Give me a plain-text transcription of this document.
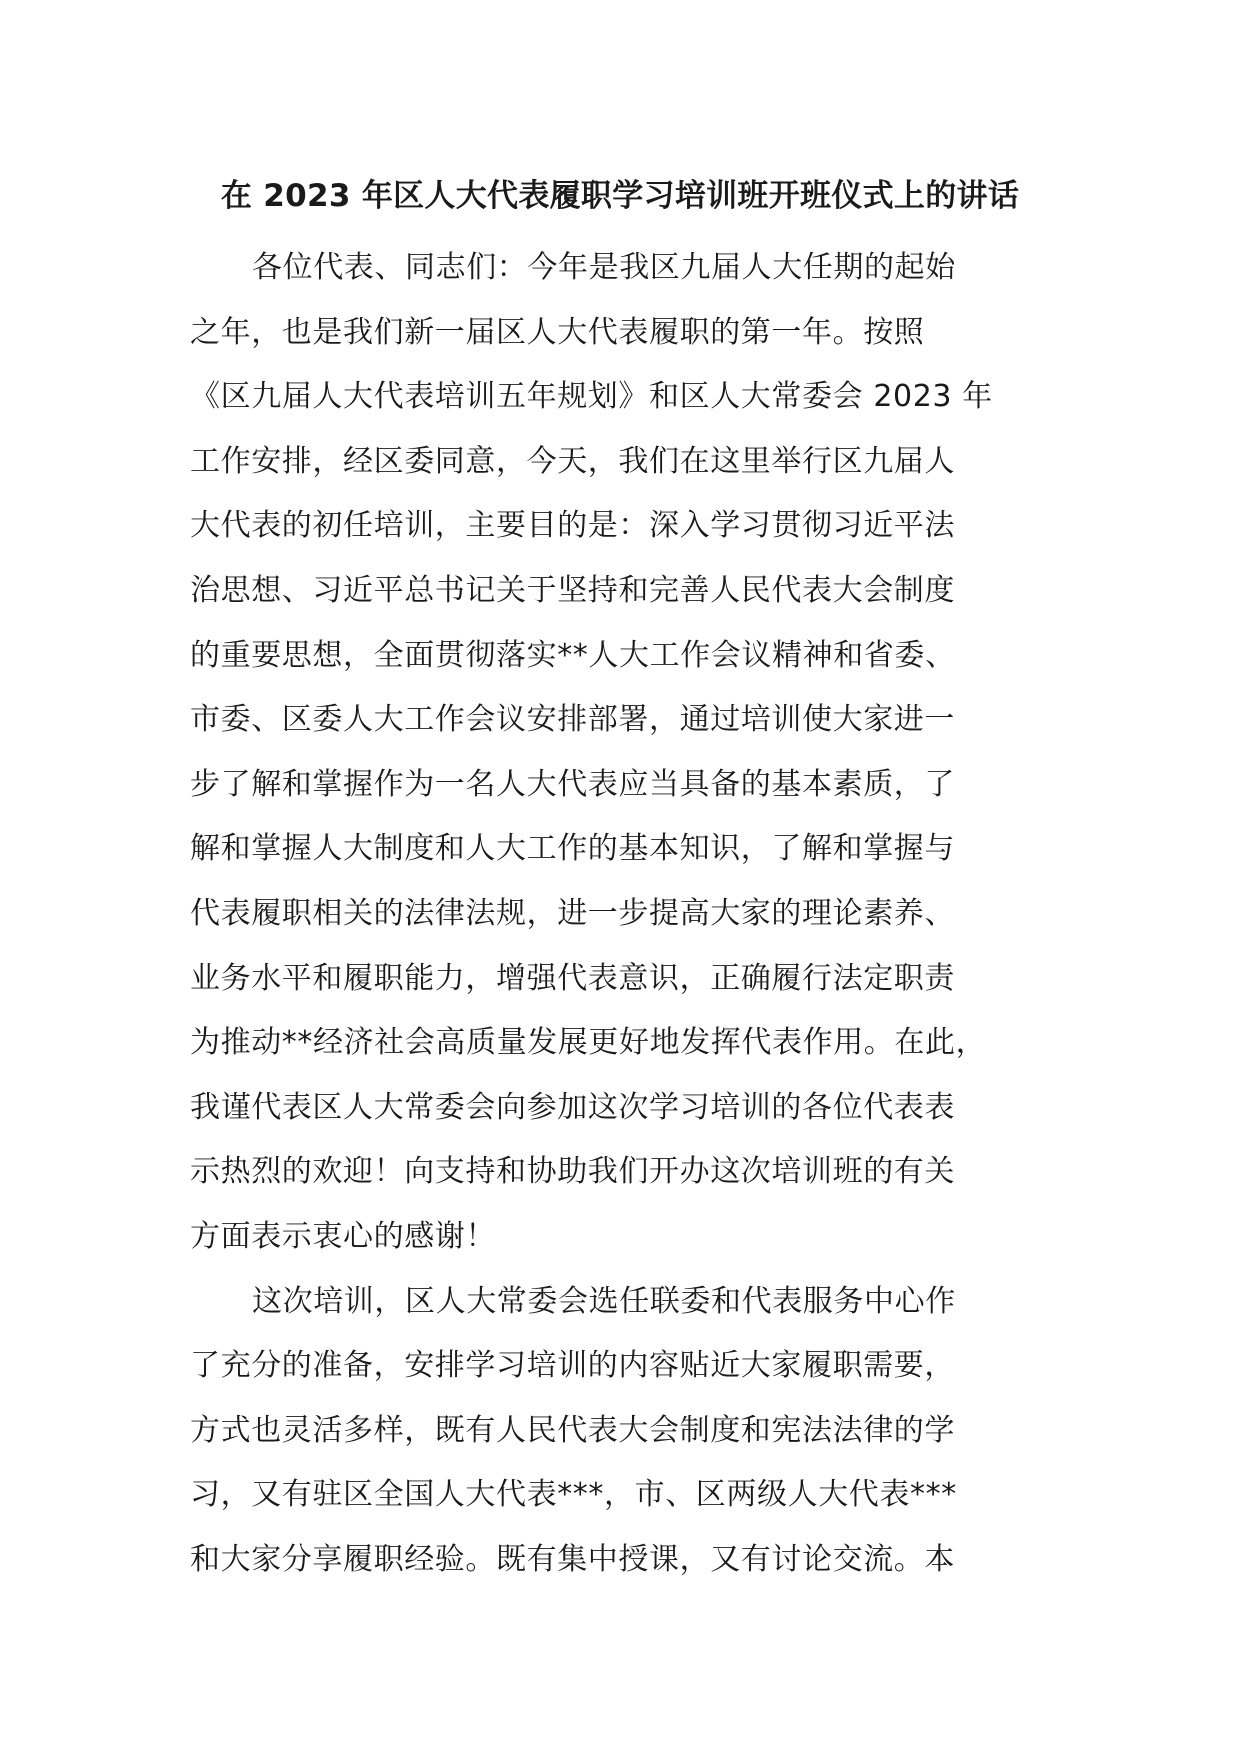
在 2023 年区人大代表履职学习培训班开班仪式上的讲话
各位代表、同志们：今年是我区九届人大任期的起始
之年，也是我们新一届区人大代表履职的第一年。按照
《区九届人大代表培训五年规划》和区人大常委会 2023 年
工作安排，经区委同意，今天，我们在这里举行区九届人
大代表的初任培训，主要目的是：深入学习贯彻习近平法
治思想、习近平总书记关于坚持和完善人民代表大会制度
的重要思想，全面贯彻落实**人大工作会议精神和省委、
市委、区委人大工作会议安排部署，通过培训使大家进一
步了解和掌握作为一名人大代表应当具备的基本素质，了
解和掌握人大制度和人大工作的基本知识，了解和掌握与
代表履职相关的法律法规，进一步提高大家的理论素养、
业务水平和履职能力，增强代表意识，正确履行法定职责
为推动**经济社会高质量发展更好地发挥代表作用。在此，
我谨代表区人大常委会向参加这次学习培训的各位代表表
示热烈的欢迎！向支持和协助我们开办这次培训班的有关
方面表示衷心的感谢！
这次培训，区人大常委会选任联委和代表服务中心作
了充分的准备，安排学习培训的内容贴近大家履职需要，
方式也灵活多样，既有人民代表大会制度和宪法法律的学
习，又有驻区全国人大代表***，市、区两级人大代表***
和大家分享履职经验。既有集中授课，又有讨论交流。本
